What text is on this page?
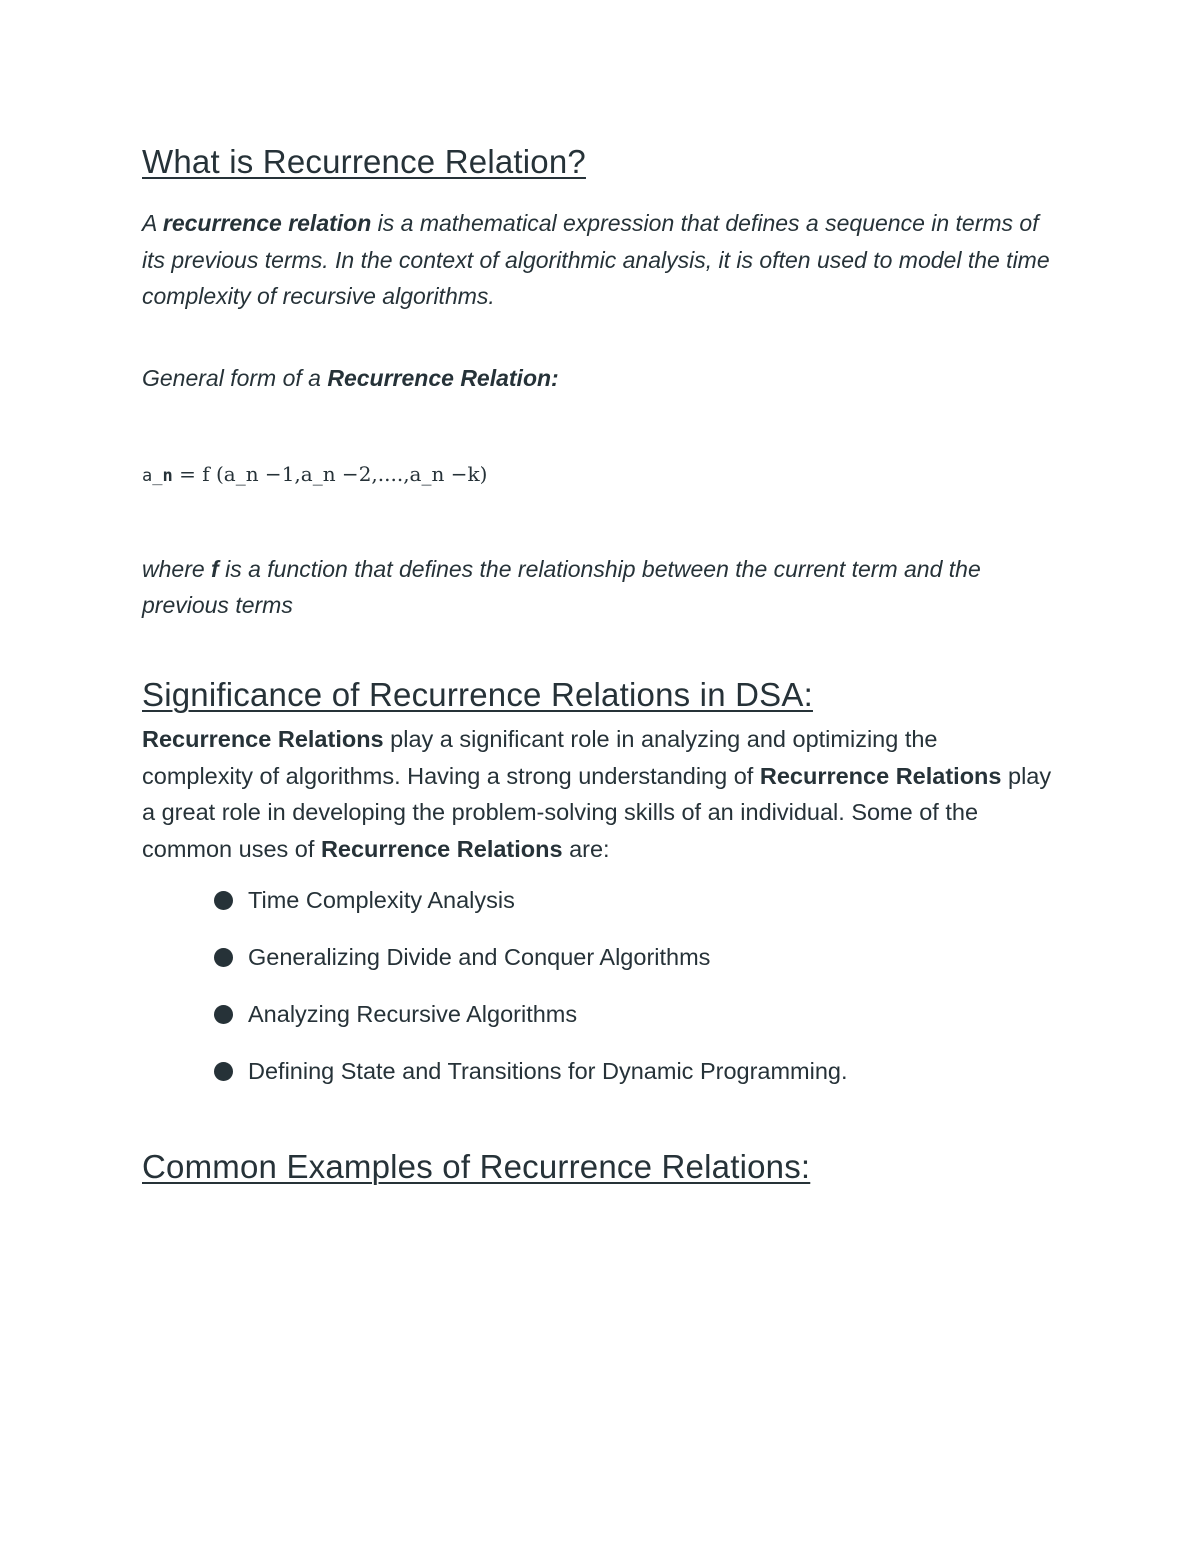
What is Recurrence Relation?

A recurrence relation is a mathematical expression that defines a sequence in terms of its previous terms. In the context of algorithmic analysis, it is often used to model the time complexity of recursive algorithms.

General form of a Recurrence Relation:

a_n = f (a_n −1,a_n −2,....,a_n −k)

where f is a function that defines the relationship between the current term and the previous terms

Significance of Recurrence Relations in DSA:

Recurrence Relations play a significant role in analyzing and optimizing the complexity of algorithms. Having a strong understanding of Recurrence Relations play a great role in developing the problem-solving skills of an individual. Some of the common uses of Recurrence Relations are:

Time Complexity Analysis
Generalizing Divide and Conquer Algorithms
Analyzing Recursive Algorithms
Defining State and Transitions for Dynamic Programming.
Common Examples of Recurrence Relations:
